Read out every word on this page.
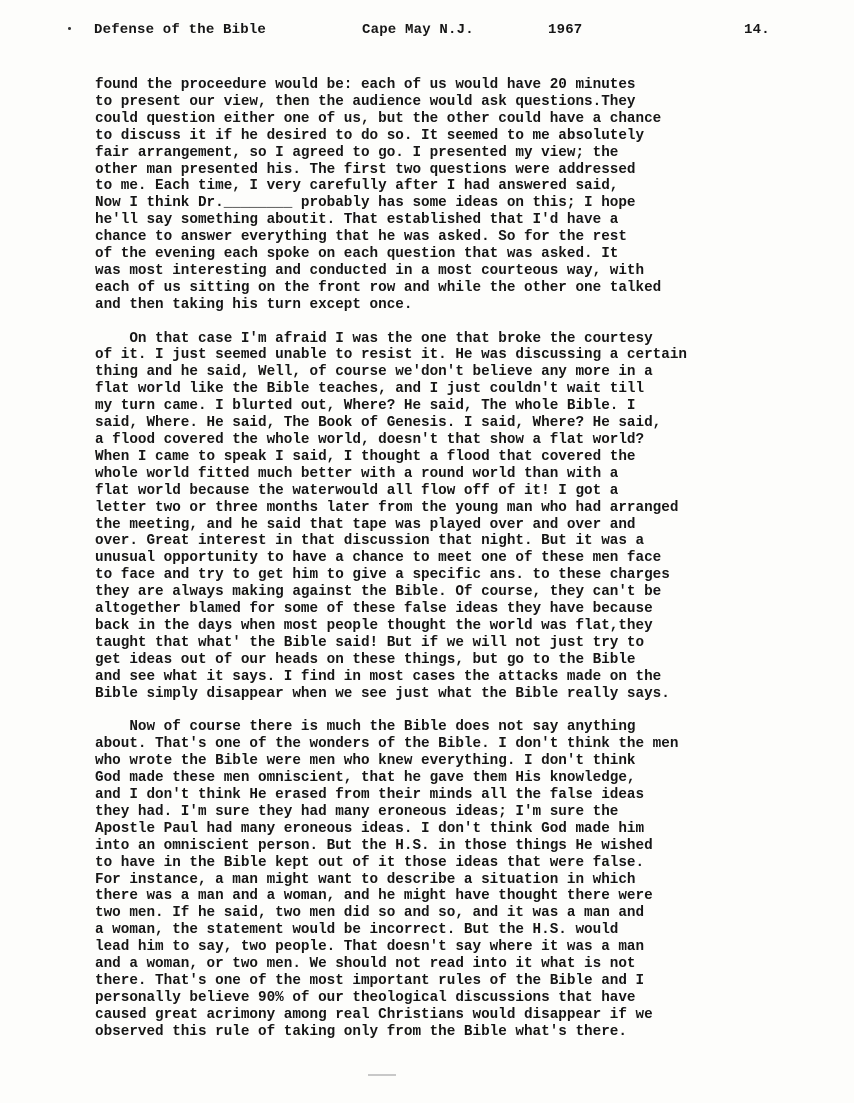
Defense of the Bible	Cape May N.J.	1967	14.
found the proceedure would be: each of us would have 20 minutes
to present our view, then the audience would ask questions.They
could question either one of us, but the other could have a chance
to discuss it if he desired to do so. It seemed to me absolutely
fair arrangement, so I agreed to go. I presented my view; the
other man presented his. The first two questions were addressed
to me. Each time, I very carefully after I had answered said,
Now I think Dr.________ probably has some ideas on this; I hope
he'll say something aboutit. That established that I'd have a
chance to answer everything that he was asked. So for the rest
of the evening each spoke on each question that was asked. It
was most interesting and conducted in a most courteous way, with
each of us sitting on the front row and while the other one talked
and then taking his turn except once.
On that case I'm afraid I was the one that broke the courtesy
of it. I just seemed unable to resist it. He was discussing a certain
thing and he said, Well, of course we'don't believe any more in a
flat world like the Bible teaches, and I just couldn't wait till
my turn came. I blurted out, Where? He said, The whole Bible. I
said, Where. He said, The Book of Genesis. I said, Where? He said,
a flood covered the whole world, doesn't that show a flat world?
When I came to speak I said, I thought a flood that covered the
whole world fitted much better with a round world than with a
flat world because the waterwould all flow off of it! I got a
letter two or three months later from the young man who had arranged
the meeting, and he said that tape was played over and over and
over. Great interest in that discussion that night. But it was a
unusual opportunity to have a chance to meet one of these men face
to face and try to get him to give a specific ans. to these charges
they are always making against the Bible. Of course, they can't be
altogether blamed for some of these false ideas they have because
back in the days when most people thought the world was flat,they
taught that what' the Bible said! But if we will not just try to
get ideas out of our heads on these things, but go to the Bible
and see what it says. I find in most cases the attacks made on the
Bible simply disappear when we see just what the Bible really says.
Now of course there is much the Bible does not say anything
about. That's one of the wonders of the Bible. I don't think the men
who wrote the Bible were men who knew everything. I don't think
God made these men omniscient, that he gave them His knowledge,
and I don't think He erased from their minds all the false ideas
they had. I'm sure they had many eroneous ideas; I'm sure the
Apostle Paul had many eroneous ideas. I don't think God made him
into an omniscient person. But the H.S. in those things He wished
to have in the Bible kept out of it those ideas that were false.
For instance, a man might want to describe a situation in which
there was a man and a woman, and he might have thought there were
two men. If he said, two men did so and so, and it was a man and
a woman, the statement would be incorrect. But the H.S. would
lead him to say, two people. That doesn't say where it was a man
and a woman, or two men. We should not read into it what is not
there. That's one of the most important rules of the Bible and I
personally believe 90% of our theological discussions that have
caused great acrimony among real Christians would disappear if we
observed this rule of taking only from the Bible what's there.
